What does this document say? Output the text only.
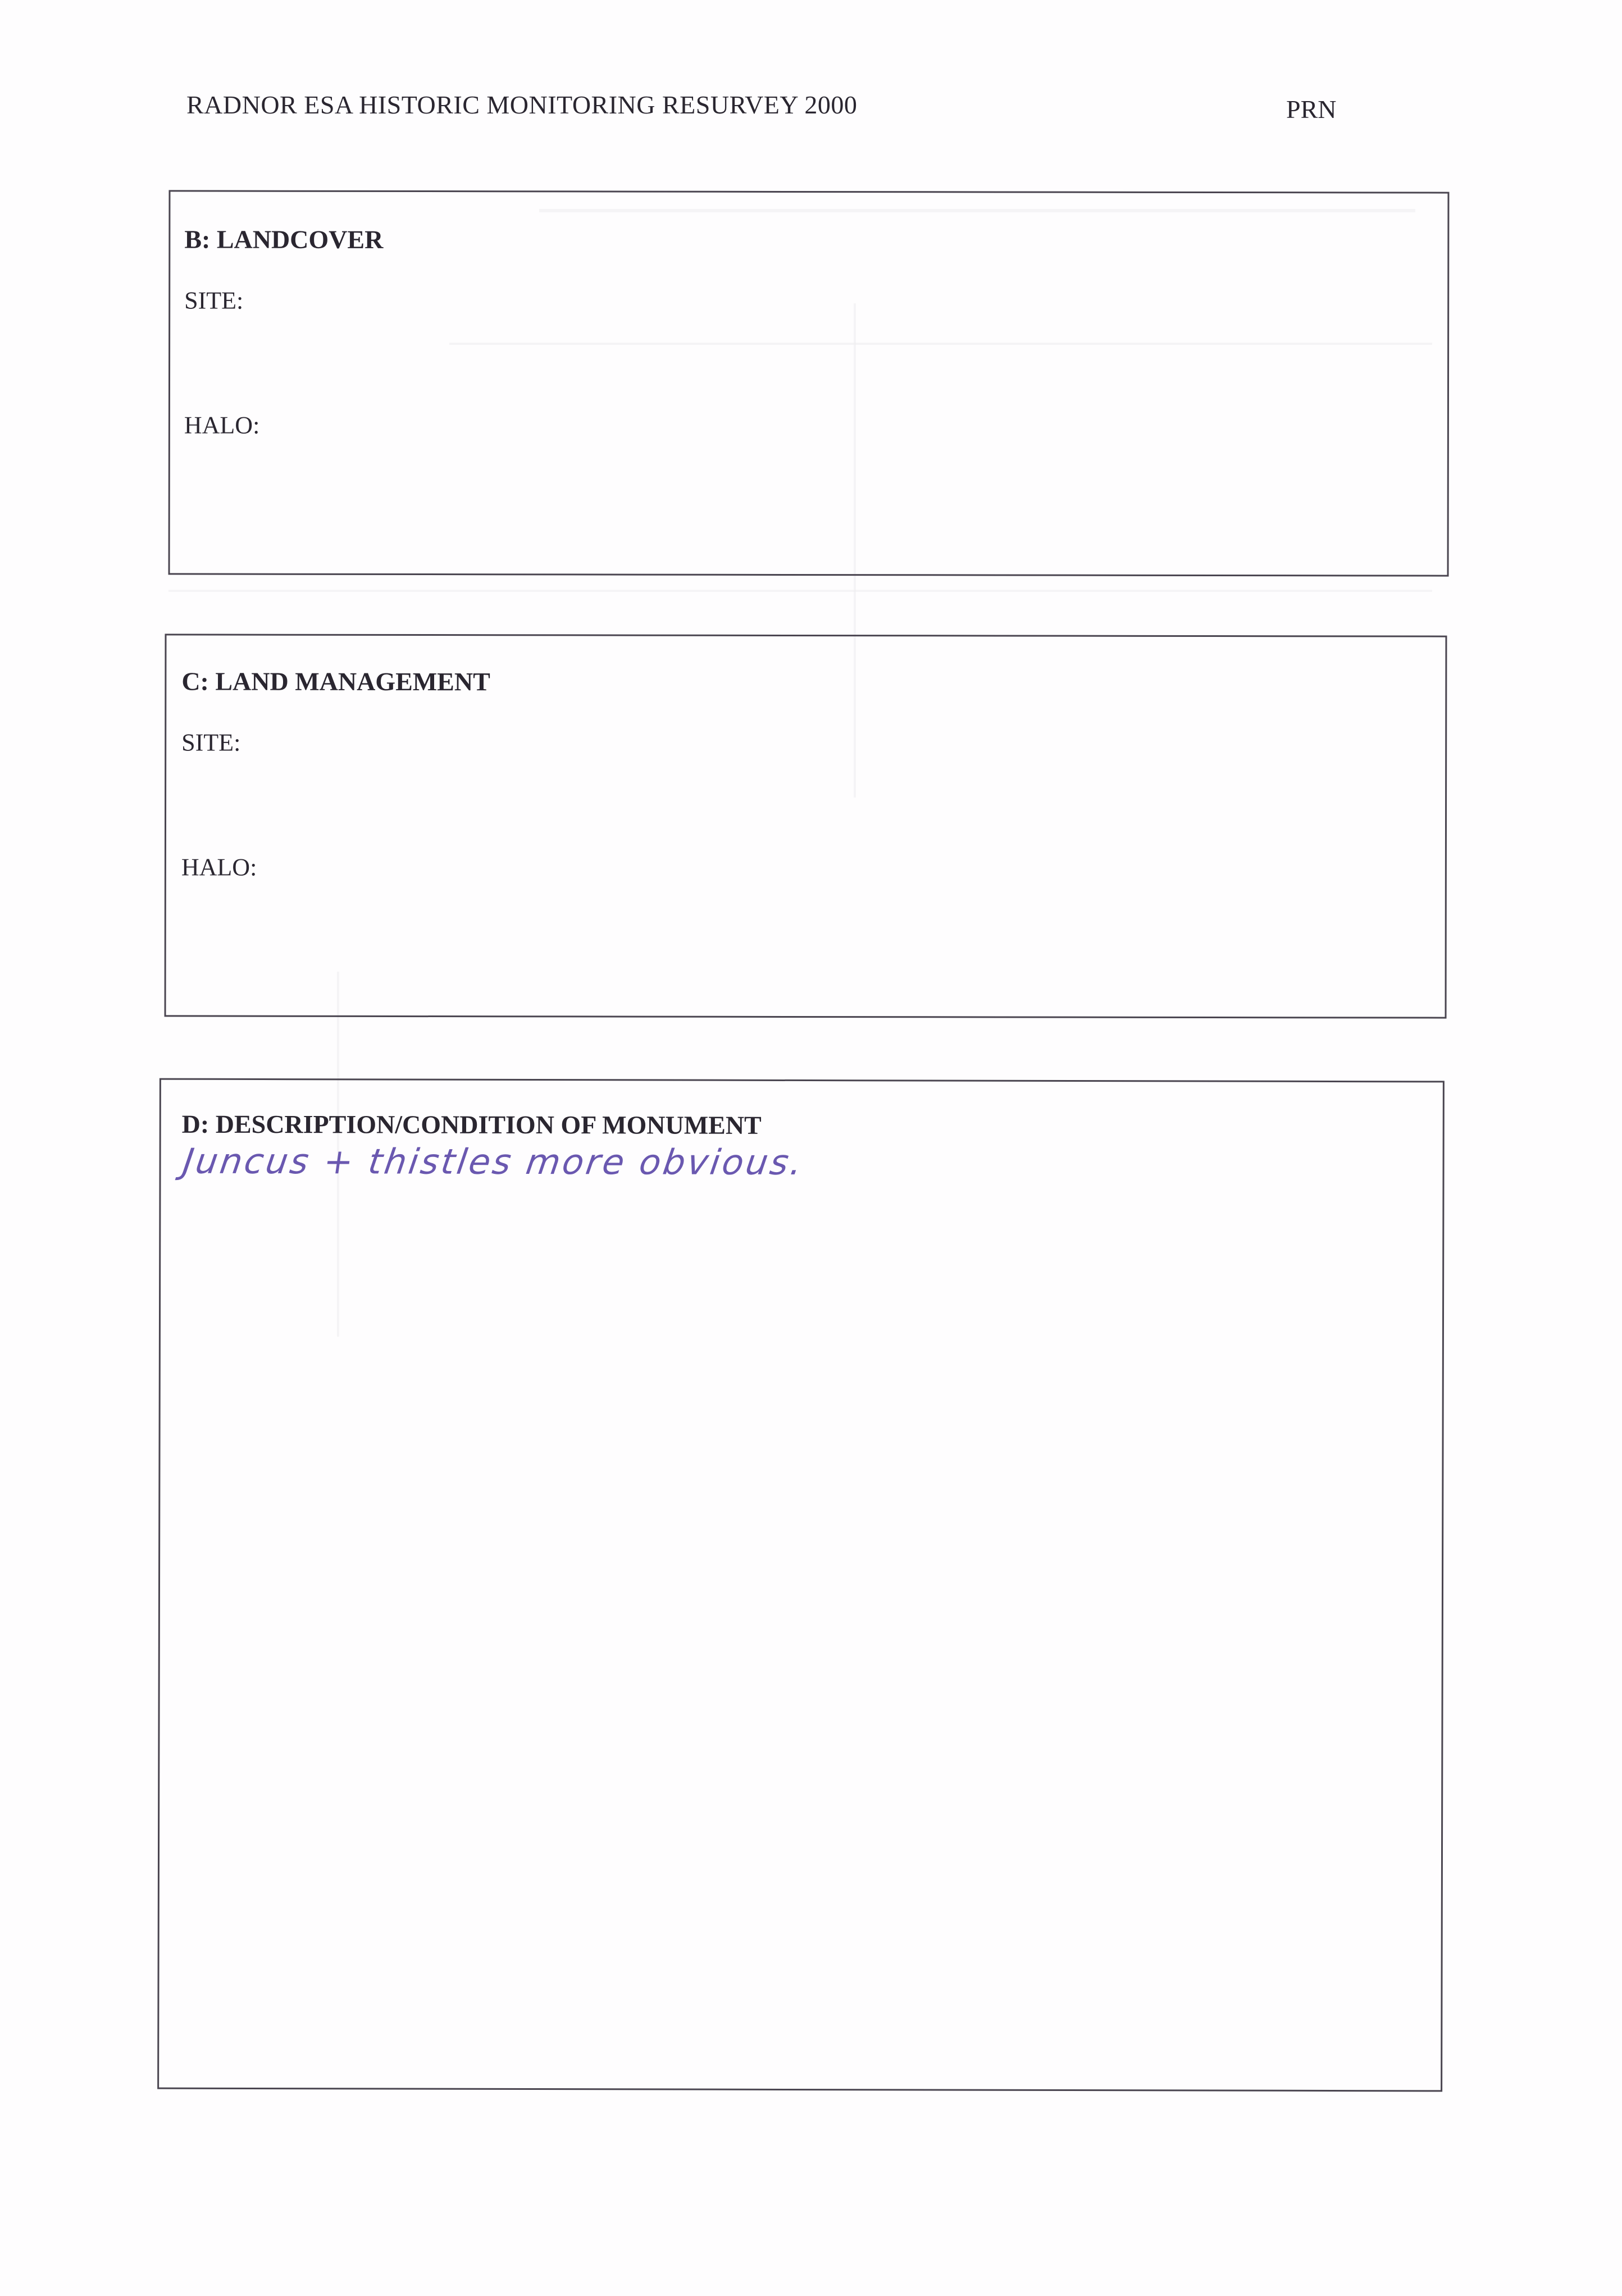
RADNOR ESA HISTORIC MONITORING RESURVEY 2000	PRN
B: LANDCOVER
SITE:
HALO:
C: LAND MANAGEMENT
SITE:
HALO:
D: DESCRIPTION/CONDITION OF MONUMENT
Juncus + thistles more obvious.
